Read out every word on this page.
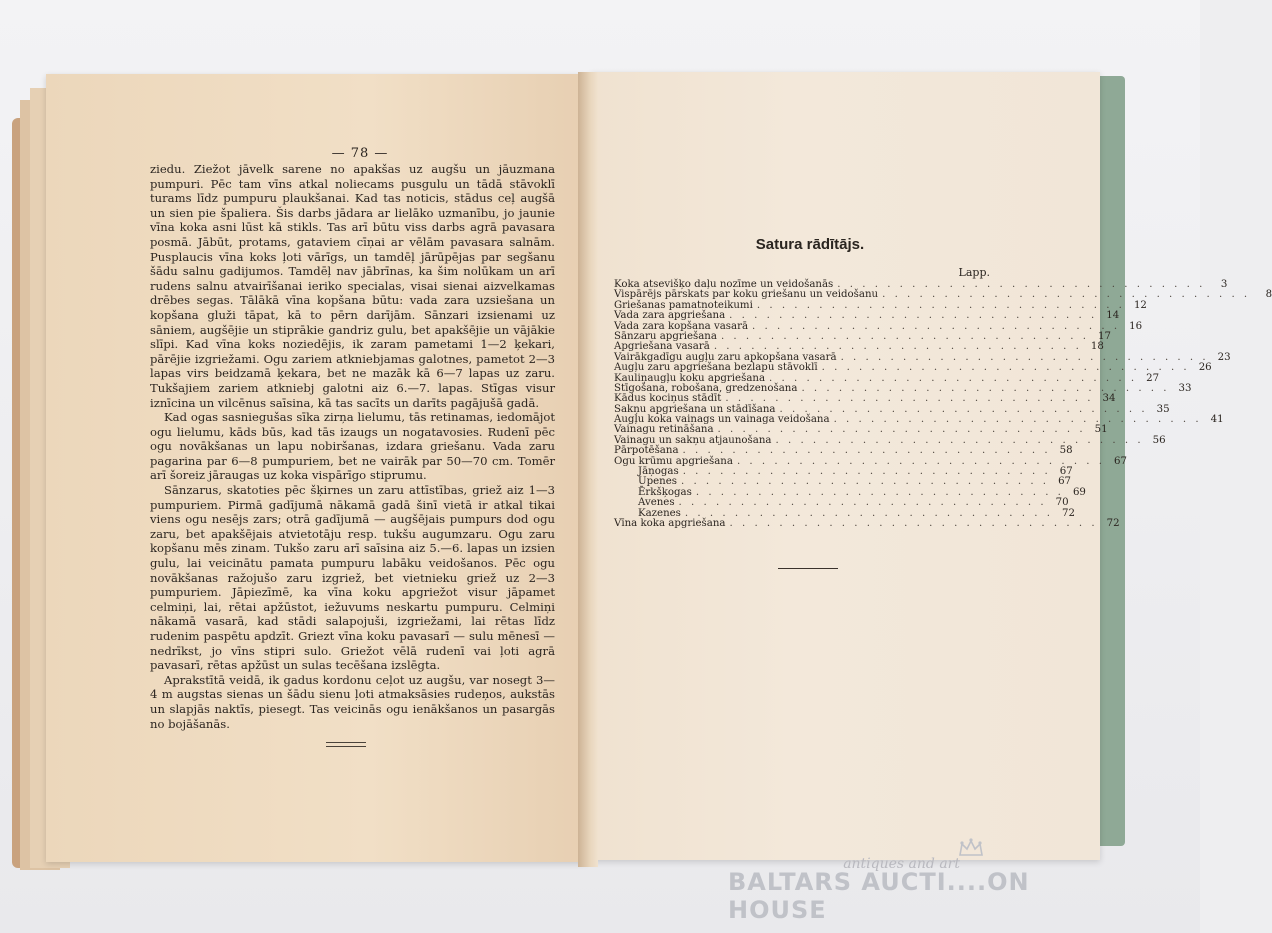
— 78 —

ziedu. Ziežot jāvelk sarene no apakšas uz augšu un jāuzmana pumpuri. Pēc tam vīns atkal noliecams pusgulu un tādā stāvoklī turams līdz pumpuru plaukšanai. Kad tas noticis, stādus ceļ augšā un sien pie špaliera. Šis darbs jādara ar lielāko uzmanību, jo jaunie vīna koka asni lūst kā stikls. Tas arī būtu viss darbs agrā pavasara posmā. Jābūt, protams, gataviem cīņai ar vēlām pavasara salnām. Pusplaucis vīna koks ļoti vārīgs, un tamdēļ jārūpējas par segšanu šādu salnu gadijumos. Tamdēļ nav jābrīnas, ka šim nolūkam un arī rudens salnu atvairīšanai ieriko specialas, visai sienai aizvelkamas drēbes segas. Tālākā vīna kopšana būtu: vada zara uzsiešana un kopšana gluži tāpat, kā to pērn darījām. Sānzari izsienami uz sāniem, augšējie un stiprākie gandriz gulu, bet apakšējie un vājākie slīpi. Kad vīna koks noziedējis, ik zaram pametami 1—2 ķekari, pārējie izgriežami. Ogu zariem atkniebjamas galotnes, pametot 2—3 lapas virs beidzamā ķekara, bet ne mazāk kā 6—7 lapas uz zaru. Tukšajiem zariem atkniebj galotni aiz 6.—7. lapas. Stīgas visur iznīcina un vilcēnus saīsina, kā tas sacīts un darīts pagājušā gadā.

Kad ogas sasniegušas sīka zirņa lielumu, tās retinamas, iedomājot ogu lielumu, kāds būs, kad tās izaugs un nogatavosies. Rudenī pēc ogu novākšanas un lapu nobiršanas, izdara griešanu. Vada zaru pagarina par 6—8 pumpuriem, bet ne vairāk par 50—70 cm. Tomēr arī šoreiz jāraugas uz koka vispārīgo stiprumu.

Sānzarus, skatoties pēc šķirnes un zaru attīstības, griež aiz 1—3 pumpuriem. Pirmā gadījumā nākamā gadā šinī vietā ir atkal tikai viens ogu nesējs zars; otrā gadījumā — augšējais pumpurs dod ogu zaru, bet apakšējais atvietotāju resp. tukšu augumzaru. Ogu zaru kopšanu mēs zinam. Tukšo zaru arī saīsina aiz 5.—6. lapas un izsien gulu, lai veicinātu pamata pumpuru labāku veidošanos. Pēc ogu novākšanas ražojušo zaru izgriež, bet vietnieku griež uz 2—3 pumpuriem. Jāpiezīmē, ka vīna koku apgriežot visur jāpamet celmiņi, lai, rētai apžūstot, iežuvums neskartu pumpuru. Celmiņi nākamā vasarā, kad stādi salapojuši, izgriežami, lai rētas līdz rudenim paspētu apdzīt. Griezt vīna koku pavasarī — sulu mēnesī — nedrīkst, jo vīns stipri sulo. Griežot vēlā rudenī vai ļoti agrā pavasarī, rētas apžūst un sulas tecēšana izslēgta.

Aprakstītā veidā, ik gadus kordonu ceļot uz augšu, var nosegt 3—4 m augstas sienas un šādu sienu ļoti atmaksāsies rudeņos, aukstās un slapjās naktīs, piesegt. Tas veicinās ogu ienākšanos un pasargās no bojāšanās.

Satura rādītājs.
Lapp.
Koka atsevišķo daļu nozīme un veidošanās . . . . . . . . . . . . . . . . . . . . . . . . . . . . . .	3
Vispārējs pārskats par koku griešanu un veidošanu . . . . . . . . . . . . . . . . . . . . . . . . . . . . . .	8
Griešanas pamatnoteikumi . . . . . . . . . . . . . . . . . . . . . . . . . . . . . . 12
Vada zara apgriešana . . . . . . . . . . . . . . . . . . . . . . . . . . . . . . 14
Vada zara kopšana vasarā . . . . . . . . . . . . . . . . . . . . . . . . . . . . . . 16
Sānzaru apgriešana . . . . . . . . . . . . . . . . . . . . . . . . . . . . . . 17
Apgriešana vasarā . . . . . . . . . . . . . . . . . . . . . . . . . . . . . . 18
Vairākgadīgu augļu zaru apkopšana vasarā . . . . . . . . . . . . . . . . . . . . . . . . . . . . . . 23
Augļu zaru apgriešana bezlapu stāvoklī . . . . . . . . . . . . . . . . . . . . . . . . . . . . . . 26
Kauliņaugļu koku apgriešana . . . . . . . . . . . . . . . . . . . . . . . . . . . . . . 27
Stīgošana, robošana, gredzenošana . . . . . . . . . . . . . . . . . . . . . . . . . . . . . . 33
Kādus kociņus stādīt . . . . . . . . . . . . . . . . . . . . . . . . . . . . . . 34
Sakņu apgriešana un stādīšana . . . . . . . . . . . . . . . . . . . . . . . . . . . . . . 35
Augļu koka vainags un vainaga veidošana . . . . . . . . . . . . . . . . . . . . . . . . . . . . . . 41
Vainagu retināšana . . . . . . . . . . . . . . . . . . . . . . . . . . . . . . 51
Vainagu un sakņu atjaunošana . . . . . . . . . . . . . . . . . . . . . . . . . . . . . . 56
Pārpotēšana . . . . . . . . . . . . . . . . . . . . . . . . . . . . . . 58
Ogu krūmu apgriešana . . . . . . . . . . . . . . . . . . . . . . . . . . . . . . 67
Jāņogas . . . . . . . . . . . . . . . . . . . . . . . . . . . . . . 67
Upenes . . . . . . . . . . . . . . . . . . . . . . . . . . . . . . 67
Ērkšķogas . . . . . . . . . . . . . . . . . . . . . . . . . . . . . . 69
Avenes . . . . . . . . . . . . . . . . . . . . . . . . . . . . . . 70
Kazenes . . . . . . . . . . . . . . . . . . . . . . . . . . . . . . 72
Vīna koka apgriešana . . . . . . . . . . . . . . . . . . . . . . . . . . . . . . 72
antiques and art
BALTARS AUCTI....ON HOUSE
